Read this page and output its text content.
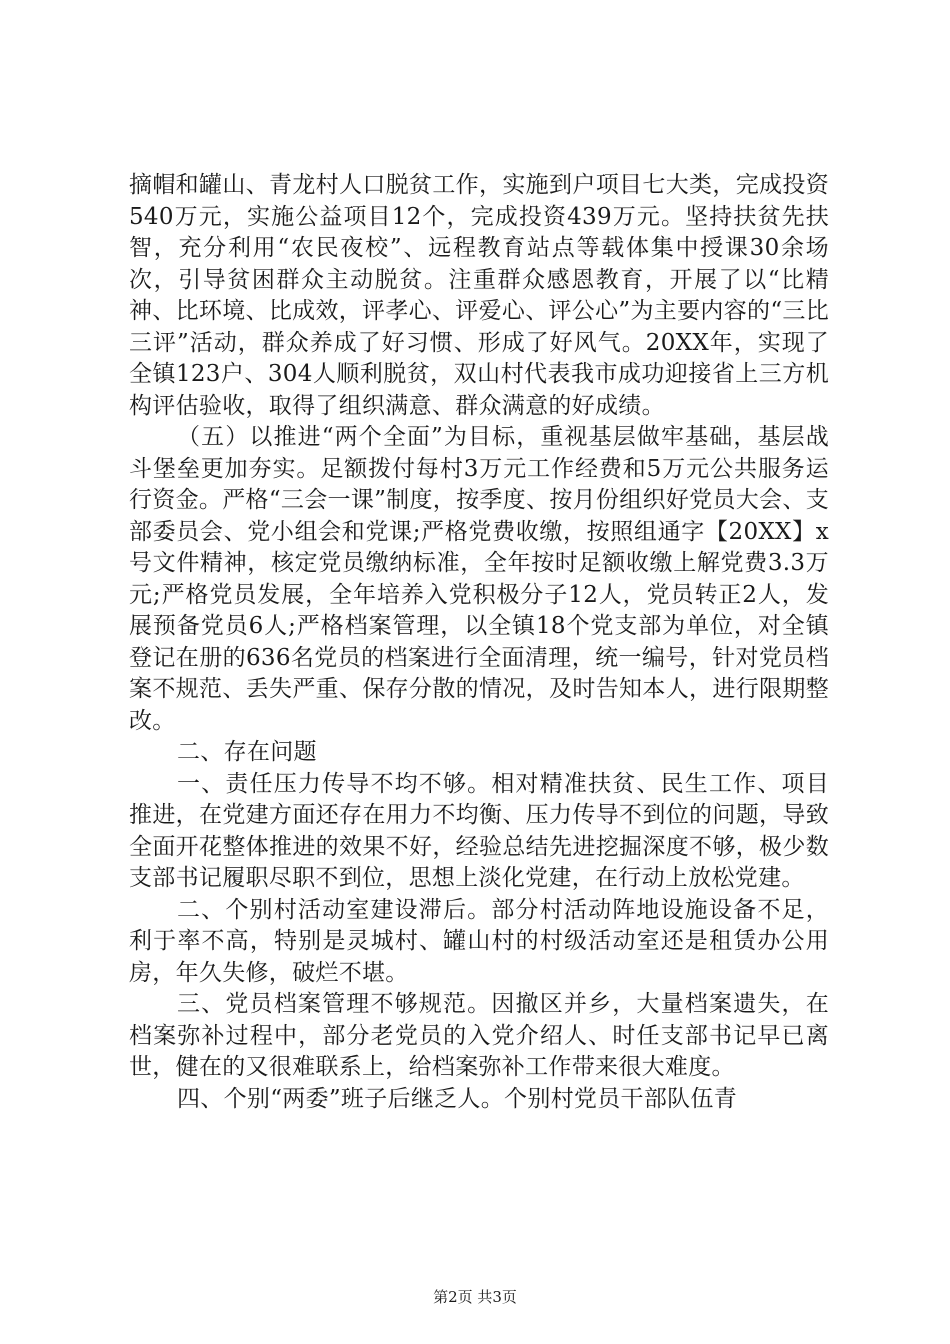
摘帽和罐山、青龙村人口脱贫工作，实施到户项目七大类，完成投资540万元，实施公益项目12个，完成投资439万元。坚持扶贫先扶智，充分利用“农民夜校”、远程教育站点等载体集中授课30余场次，引导贫困群众主动脱贫。注重群众感恩教育，开展了以“比精神、比环境、比成效，评孝心、评爱心、评公心”为主要内容的“三比三评”活动，群众养成了好习惯、形成了好风气。20XX年，实现了全镇123户、304人顺利脱贫，双山村代表我市成功迎接省上三方机构评估验收，取得了组织满意、群众满意的好成绩。

（五）以推进“两个全面”为目标，重视基层做牢基础，基层战斗堡垒更加夯实。足额拨付每村3万元工作经费和5万元公共服务运行资金。严格“三会一课”制度，按季度、按月份组织好党员大会、支部委员会、党小组会和党课;严格党费收缴，按照组通字【20XX】x号文件精神，核定党员缴纳标准，全年按时足额收缴上解党费3.3万元;严格党员发展，全年培养入党积极分子12人，党员转正2人，发展预备党员6人;严格档案管理，以全镇18个党支部为单位，对全镇登记在册的636名党员的档案进行全面清理，统一编号，针对党员档案不规范、丢失严重、保存分散的情况，及时告知本人，进行限期整改。

二、存在问题

一、责任压力传导不均不够。相对精准扶贫、民生工作、项目推进，在党建方面还存在用力不均衡、压力传导不到位的问题，导致全面开花整体推进的效果不好，经验总结先进挖掘深度不够，极少数支部书记履职尽职不到位，思想上淡化党建，在行动上放松党建。

二、个别村活动室建设滞后。部分村活动阵地设施设备不足，利于率不高，特别是灵城村、罐山村的村级活动室还是租赁办公用房，年久失修，破烂不堪。

三、党员档案管理不够规范。因撤区并乡，大量档案遗失，在档案弥补过程中，部分老党员的入党介绍人、时任支部书记早已离世，健在的又很难联系上，给档案弥补工作带来很大难度。

四、个别“两委”班子后继乏人。个别村党员干部队伍青

第2页 共3页
